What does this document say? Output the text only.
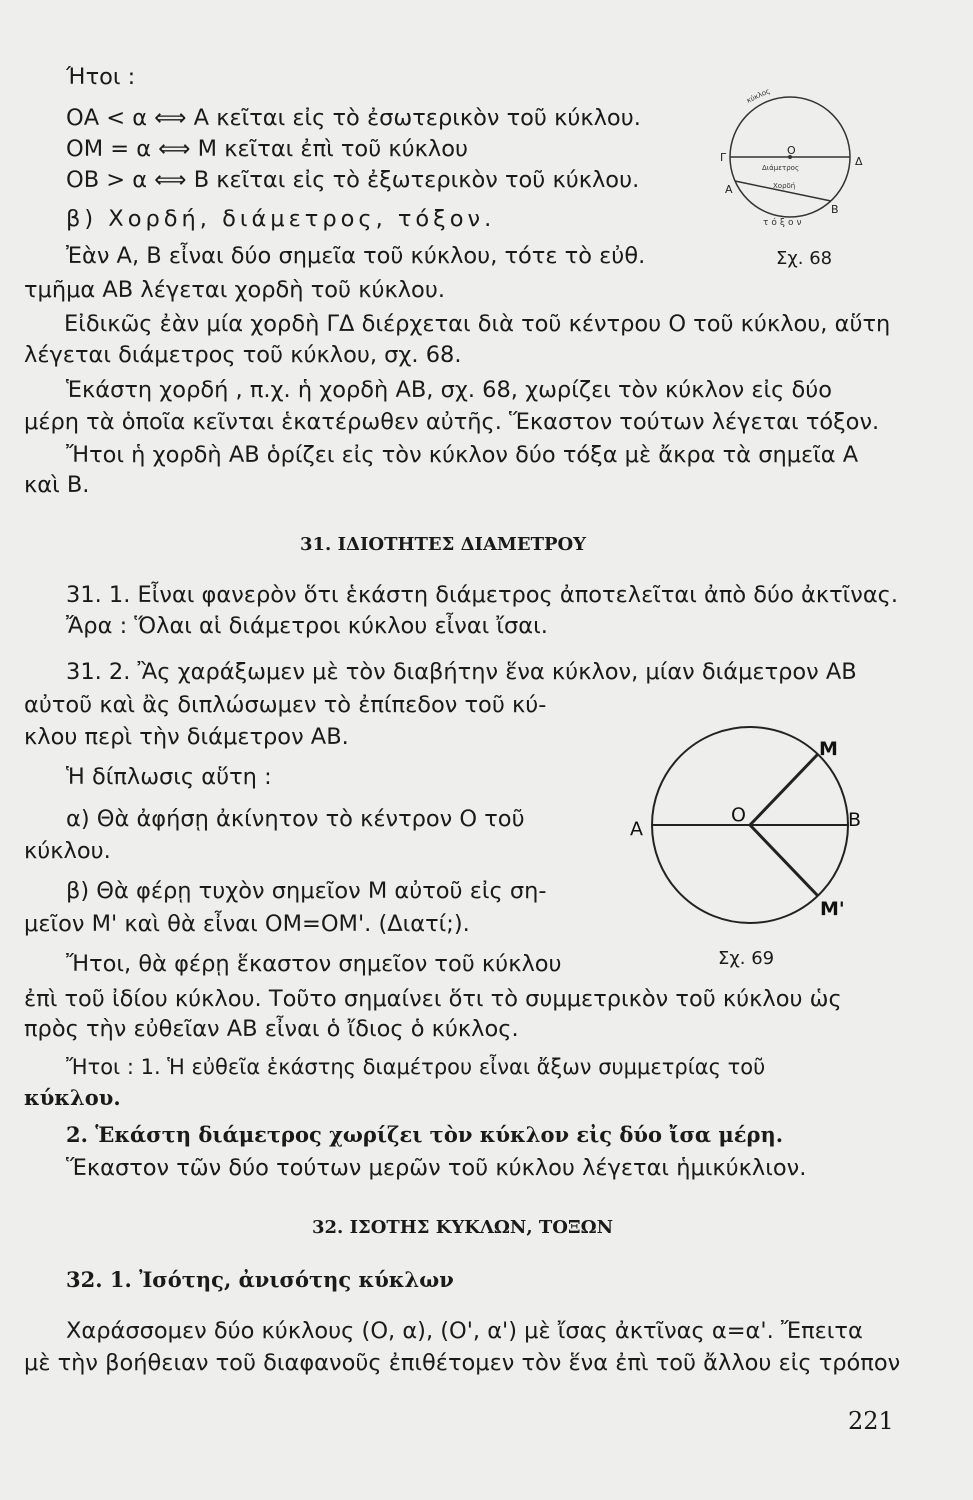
Ήτοι :
ΟΑ < α ⟺ Α κεῖται εἰς τὸ ἐσωτερικὸν τοῦ κύκλου.
ΟΜ = α ⟺ Μ κεῖται ἐπὶ τοῦ κύκλου
ΟΒ > α ⟺ Β κεῖται εἰς τὸ ἐξωτερικὸν τοῦ κύκλου.
β) Χορδή, διάμετρος, τόξον.
Ἐὰν Α, Β εἶναι δύο σημεῖα τοῦ κύκλου, τότε τὸ εὐθ.
τμῆμα ΑΒ λέγεται χορδὴ τοῦ κύκλου.
Εἰδικῶς ἐὰν μία χορδὴ ΓΔ διέρχεται διὰ τοῦ κέντρου Ο τοῦ κύκλου, αὕτη
λέγεται διάμετρος τοῦ κύκλου, σχ. 68.
Ἑκάστη χορδή , π.χ. ἡ χορδὴ ΑΒ, σχ. 68, χωρίζει τὸν κύκλον εἰς δύο
μέρη τὰ ὁποῖα κεῖνται ἑκατέρωθεν αὐτῆς. Ἕκαστον τούτων λέγεται τόξον.
Ἤτοι ἡ χορδὴ ΑΒ ὁρίζει εἰς τὸν κύκλον δύο τόξα μὲ ἄκρα τὰ σημεῖα Α
καὶ Β.
31. ΙΔΙΟΤΗΤΕΣ ΔΙΑΜΕΤΡΟΥ
31. 1. Εἶναι φανερὸν ὅτι ἑκάστη διάμετρος ἀποτελεῖται ἀπὸ δύο ἀκτῖνας.
Ἄρα : Ὅλαι αἱ διάμετροι κύκλου εἶναι ἴσαι.
31. 2. Ἂς χαράξωμεν μὲ τὸν διαβήτην ἕνα κύκλον, μίαν διάμετρον ΑΒ
αὐτοῦ καὶ ἂς διπλώσωμεν τὸ ἐπίπεδον τοῦ κύ-
κλου περὶ τὴν διάμετρον ΑΒ.
Ἡ δίπλωσις αὕτη :
α) Θὰ ἀφήσῃ ἀκίνητον τὸ κέντρον Ο τοῦ
κύκλου.
β) Θὰ φέρῃ τυχὸν σημεῖον Μ αὐτοῦ εἰς ση-
μεῖον Μ' καὶ θὰ εἶναι ΟΜ=ΟΜ'. (Διατί;).
Ἤτοι, θὰ φέρῃ ἕκαστον σημεῖον τοῦ κύκλου
ἐπὶ τοῦ ἰδίου κύκλου. Τοῦτο σημαίνει ὅτι τὸ συμμετρικὸν τοῦ κύκλου ὡς
πρὸς τὴν εὐθεῖαν ΑΒ εἶναι ὁ ἴδιος ὁ κύκλος.
Ἤτοι : 1. Ἡ εὐθεῖα ἑκάστης διαμέτρου εἶναι ἄξων συμμετρίας τοῦ
κύκλου.
2. Ἑκάστη διάμετρος χωρίζει τὸν κύκλον εἰς δύο ἴσα μέρη.
Ἕκαστον τῶν δύο τούτων μερῶν τοῦ κύκλου λέγεται ἡμικύκλιον.
32. ΙΣΟΤΗΣ ΚΥΚΛΩΝ, ΤΟΞΩΝ
32. 1. Ἰσότης, ἀνισότης κύκλων
Χαράσσομεν δύο κύκλους (Ο, α), (Ο', α') μὲ ἴσας ἀκτῖνας α=α'. Ἔπειτα
μὲ τὴν βοήθειαν τοῦ διαφανοῦς ἐπιθέτομεν τὸν ἕνα ἐπὶ τοῦ ἄλλου εἰς τρόπον
221
Γ	Δ
Ο
Α
Β
Διάμετρος
Χορδή
κύκλος
τόξον
Σχ. 68
Α	Β
Ο
Μ
Μ'
Σχ. 69
